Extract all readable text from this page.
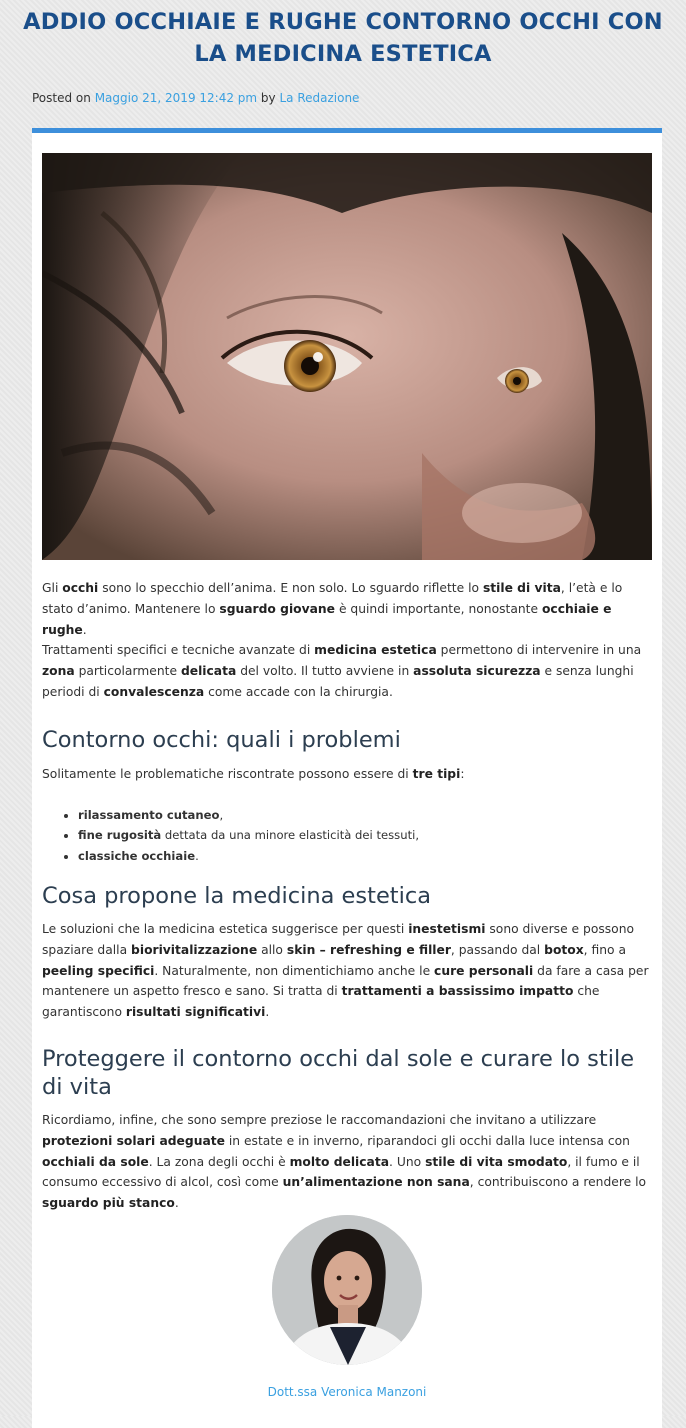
ADDIO OCCHIAIE E RUGHE CONTORNO OCCHI CON LA MEDICINA ESTETICA
Posted on Maggio 21, 2019 12:42 pm by La Redazione

Gli occhi sono lo specchio dell’anima. E non solo. Lo sguardo riflette lo stile di vita, l’età e lo stato d’animo. Mantenere lo sguardo giovane è quindi importante, nonostante occhiaie e rughe.

Trattamenti specifici e tecniche avanzate di medicina estetica permettono di intervenire in una zona particolarmente delicata del volto. Il tutto avviene in assoluta sicurezza e senza lunghi periodi di convalescenza come accade con la chirurgia.

Contorno occhi: quali i problemi

Solitamente le problematiche riscontrate possono essere di tre tipi:

• rilassamento cutaneo,
• fine rugosità dettata da una minore elasticità dei tessuti,
• classiche occhiaie.
Cosa propone la medicina estetica

Le soluzioni che la medicina estetica suggerisce per questi inestetismi sono diverse e possono spaziare dalla biorivitalizzazione allo skin – refreshing e filler, passando dal botox, fino a peeling specifici. Naturalmente, non dimentichiamo anche le cure personali da fare a casa per mantenere un aspetto fresco e sano. Si tratta di trattamenti a bassissimo impatto che garantiscono risultati significativi.

Proteggere il contorno occhi dal sole e curare lo stile di vita

Ricordiamo, infine, che sono sempre preziose le raccomandazioni che invitano a utilizzare protezioni solari adeguate in estate e in inverno, riparandoci gli occhi dalla luce intensa con occhiali da sole. La zona degli occhi è molto delicata. Uno stile di vita smodato, il fumo e il consumo eccessivo di alcol, così come un’alimentazione non sana, contribuiscono a rendere lo sguardo più stanco.

Dott.ssa Veronica Manzoni
